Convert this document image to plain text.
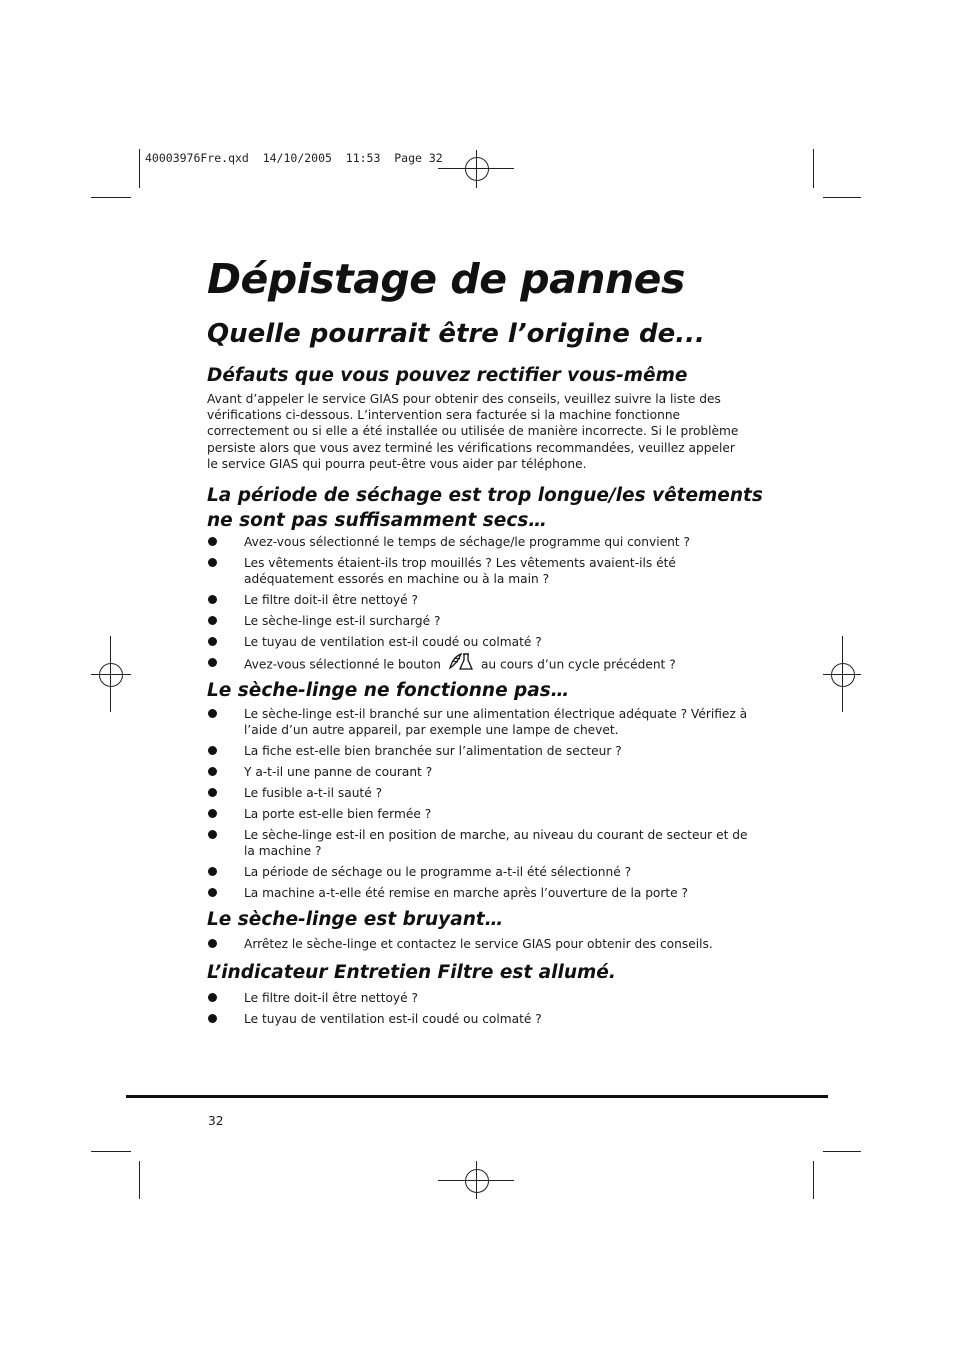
40003976Fre.qxd  14/10/2005  11:53  Page 32
Dépistage de pannes
Quelle pourrait être l’origine de...
Défauts que vous pouvez rectifier vous-même
Avant d’appeler le service GIAS pour obtenir des conseils, veuillez suivre la liste des vérifications ci-dessous. L’intervention sera facturée si la machine fonctionne correctement ou si elle a été installée ou utilisée de manière incorrecte. Si le problème persiste alors que vous avez terminé les vérifications recommandées, veuillez appeler le service GIAS qui pourra peut-être vous aider par téléphone.
La période de séchage est trop longue/les vêtements ne sont pas suffisamment secs…
Avez-vous sélectionné le temps de séchage/le programme qui convient ?
Les vêtements étaient-ils trop mouillés ? Les vêtements avaient-ils été adéquatement essorés en machine ou à la main ?
Le filtre doit-il être nettoyé ?
Le sèche-linge est-il surchargé ?
Le tuyau de ventilation est-il coudé ou colmaté ?
Avez-vous sélectionné le bouton	au cours d’un cycle précédent ?
Le sèche-linge ne fonctionne pas…
Le sèche-linge est-il branché sur une alimentation électrique adéquate ? Vérifiez à l’aide d’un autre appareil, par exemple une lampe de chevet.
La fiche est-elle bien branchée sur l’alimentation de secteur ?
Y a-t-il une panne de courant ?
Le fusible a-t-il sauté ?
La porte est-elle bien fermée ?
Le sèche-linge est-il en position de marche, au niveau du courant de secteur et de la machine ?
La période de séchage ou le programme a-t-il été sélectionné ?
La machine a-t-elle été remise en marche après l’ouverture de la porte ?
Le sèche-linge est bruyant…
Arrêtez le sèche-linge et contactez le service GIAS pour obtenir des conseils.
L’indicateur Entretien Filtre est allumé.
Le filtre doit-il être nettoyé ?
Le tuyau de ventilation est-il coudé ou colmaté ?
32
